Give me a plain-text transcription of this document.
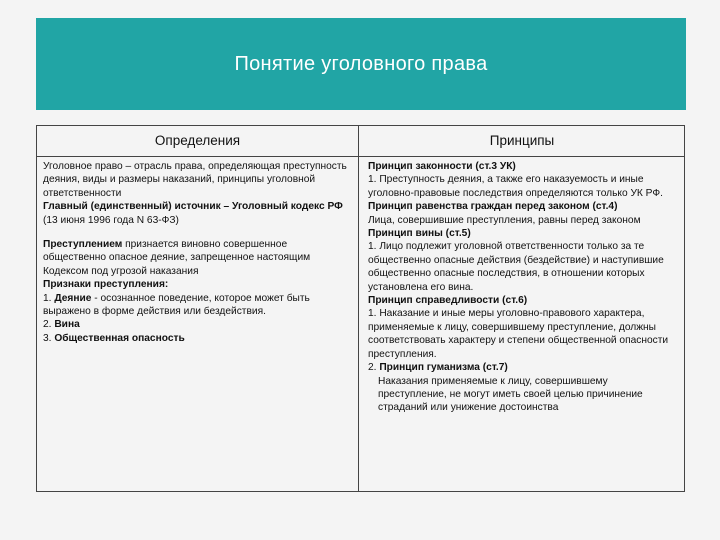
Понятие уголовного права
Определения	Принципы

Уголовное право – отрасль права, определяющая преступность деяния, виды и размеры наказаний, принципы уголовной ответственности

Главный (единственный) источник – Уголовный кодекс РФ (13 июня 1996 года N 63-ФЗ)

Преступлением признается виновно совершенное общественно опасное деяние, запрещенное настоящим Кодексом под угрозой наказания

Признаки преступления:

1. Деяние - осознанное поведение, которое может быть выражено в форме действия или бездействия.

2. Вина

3. Общественная опасность

Принцип законности (ст.3 УК)

1. Преступность деяния, а также его наказуемость и иные уголовно-правовые последствия определяются только УК РФ.

Принцип равенства граждан перед законом (ст.4)

Лица, совершившие преступления, равны перед законом

Принцип вины (ст.5)

1. Лицо подлежит уголовной ответственности только за те общественно опасные действия (бездействие) и наступившие общественно опасные последствия, в отношении которых установлена его вина.

Принцип справедливости (ст.6)

1. Наказание и иные меры уголовно-правового характера, применяемые к лицу, совершившему преступление, должны соответствовать характеру и степени общественной опасности преступления.

2. Принцип гуманизма (ст.7)

Наказания применяемые к лицу, совершившему преступление, не могут иметь своей целью причинение страданий или унижение достоинства
